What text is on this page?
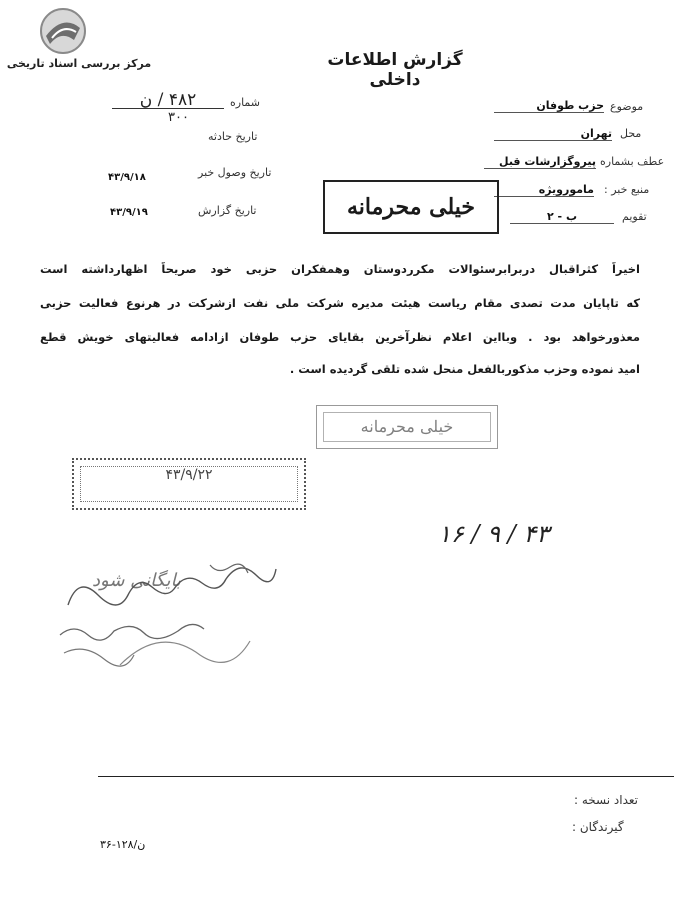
مرکز بررسی اسناد تاریخی	گزارش اطلاعات داخلی
شماره
۴۸۲ / ن
۳۰۰
تاریخ حادثه
تاریخ وصول خبر
۴۳/۹/۱۸
تاریخ گزارش
۴۳/۹/۱۹
موضوع
حزب طوفان
محل
تهران
عطف بشماره
پیروگزارشات قبل
منبع خبر :
مامورویژه
تقویم
ب - ۲
خیلی محرمانه
اخیراً کثراقبال دربرابرسئوالات مکرردوستان وهمفکران حزبی خود صریحاً اظهارداشته است
که تاپایان مدت تصدی مقام ریاست هیئت مدیره شرکت ملی نفت ازشرکت در هرنوع فعالیت حزبی
معذورخواهد بود . وبااین اعلام نظرآخرین بقایای حزب طوفان ازادامه فعالیتهای خویش قطع
امید نموده وحزب مذکوربالفعل منحل شده تلقی گردیده است .
خیلی محرمانه
۴۳/۹/۲۲
۱۶ / ۹ / ۴۳
بایگانی شود
تعداد نسخه :
گیرندگان :
ن/۱۲۸-۳۶
